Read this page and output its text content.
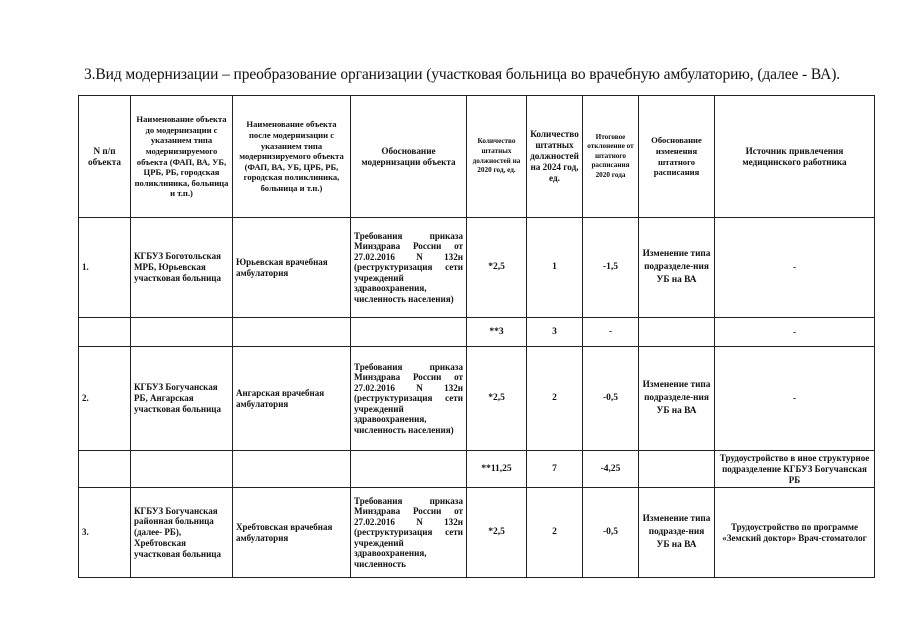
3.Вид модернизации – преобразование организации (участковая больница во врачебную амбулаторию, (далее - ВА).
N п/п объекта	Наименование объекта до модернизации с указанием типа модернизируемого объекта (ФАП, ВА, УБ, ЦРБ, РБ, городская поликлиника, больница и т.п.)	Наименование объекта после модернизации с указанием типа модернизируемого объекта (ФАП, ВА, УБ, ЦРБ, РБ, городская поликлиника, больница и т.п.)	Обоснование модернизации объекта	Количество штатных должностей на 2020 год, ед.	Количество штатных должностей на 2024 год, ед.	Итоговое отклонение от штатного расписания 2020 года	Обоснование изменения штатного расписания	Источник привлечения медицинского работника
1.	КГБУЗ Боготольская МРБ, Юрьевская участковая больница	Юрьевская врачебная амбулатория	Требования приказа Минздрава России от 27.02.2016 N 132н (реструктуризация сети учреждений здравоохранения, численность населения)	*2,5	1	-1,5	Изменение типа подразделе-ния УБ на ВА	-
				**3	3	-		-
2.	КГБУЗ Богучанская РБ, Ангарская участковая больница	Ангарская врачебная амбулатория	Требования приказа Минздрава России от 27.02.2016 N 132н (реструктуризация сети учреждений здравоохранения, численность населения)	*2,5	2	-0,5	Изменение типа подразделе-ния УБ на ВА	-
				**11,25	7	-4,25		Трудоустройство в иное структурное подразделение КГБУЗ Богучанская РБ
3.	КГБУЗ Богучанская районная больница (далее- РБ), Хребтовская участковая больница	Хребтовская врачебная амбулатория	Требования приказа Минздрава России от 27.02.2016 N 132н (реструктуризация сети учреждений здравоохранения, численность	*2,5	2	-0,5	Изменение типа подразде-ния УБ на ВА	Трудоустройство по программе «Земский доктор» Врач-стоматолог
